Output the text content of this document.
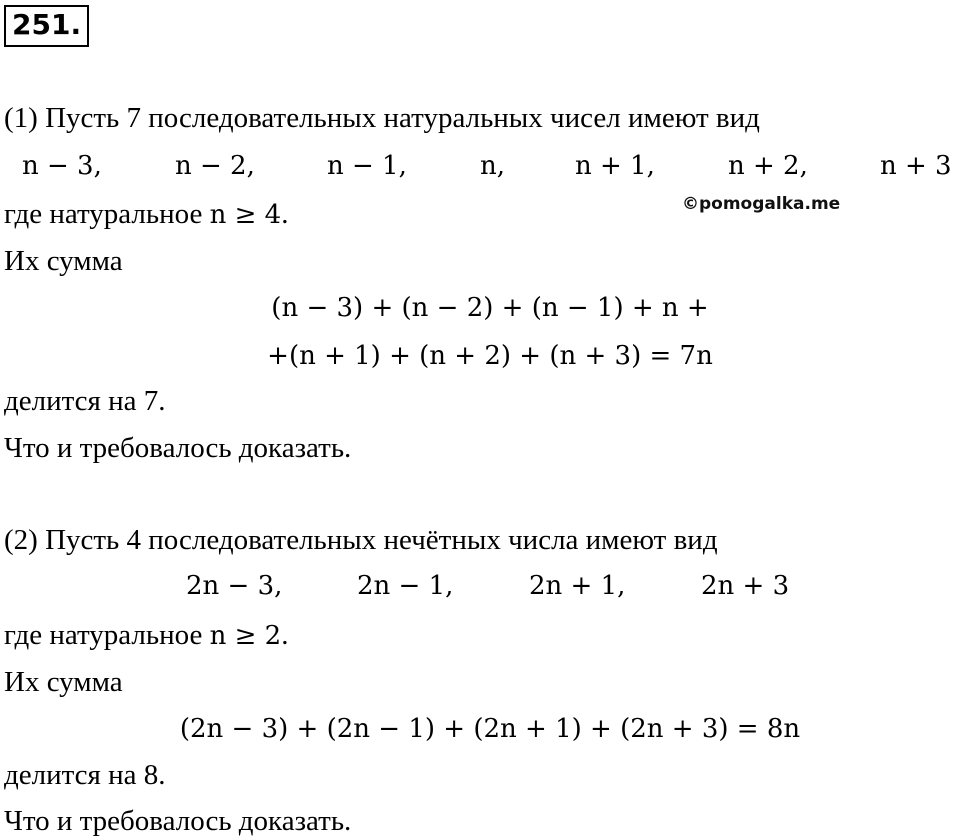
251.
(1) Пусть 7 последовательных натуральных чисел имеют вид
n − 3,	n − 2,	n − 1,	n,	n + 1,	n + 2,	n + 3
где натуральное n ≥ 4.	©pomogalka.me
Их сумма
(n − 3) + (n − 2) + (n − 1) + n +
+(n + 1) + (n + 2) + (n + 3) = 7n
делится на 7.
Что и требовалось доказать.
(2) Пусть 4 последовательных нечётных числа имеют вид
2n − 3,	2n − 1,	2n + 1,	2n + 3
где натуральное n ≥ 2.
Их сумма
(2n − 3) + (2n − 1) + (2n + 1) + (2n + 3) = 8n
делится на 8.
Что и требовалось доказать.
